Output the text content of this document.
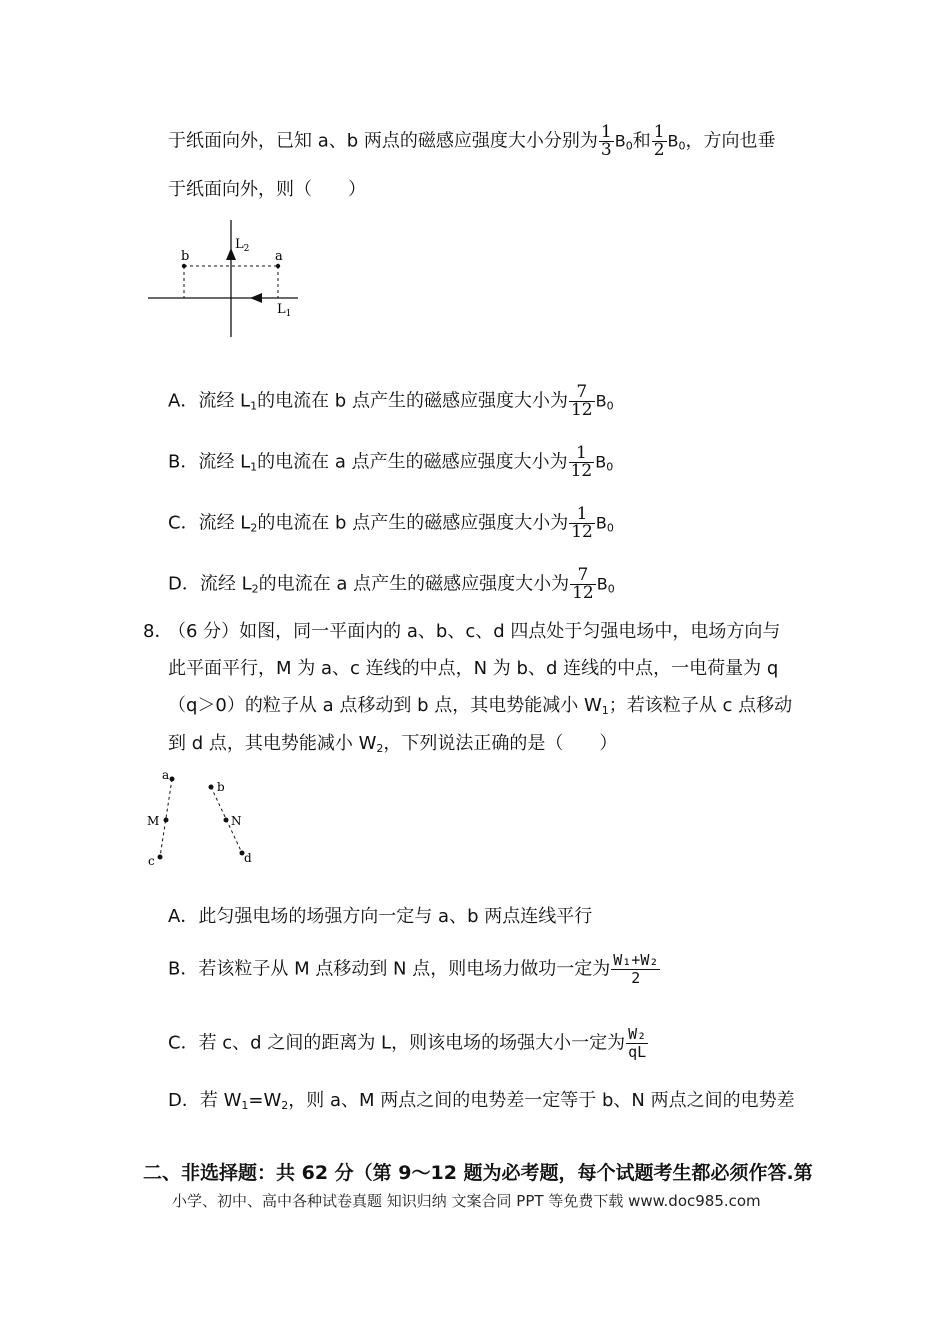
于纸面向外，已知 a、b 两点的磁感应强度大小分别为 $\frac{1}{3} B_0$和 $\frac{1}{2} B_0$，方向也垂
于纸面向外，则（　　）
b	a
$L_2$
$L_1$
A．流经 $L_1$的电流在 b 点产生的磁感应强度大小为 $\frac{7}{12} B_0$
B．流经 $L_1$的电流在 a 点产生的磁感应强度大小为 $\frac{1}{12} B_0$
C．流经 $L_2$的电流在 b 点产生的磁感应强度大小为 $\frac{1}{12} B_0$
D．流经 $L_2$的电流在 a 点产生的磁感应强度大小为 $\frac{7}{12} B_0$
8．
（6 分）如图，同一平面内的 a、b、c、d 四点处于匀强电场中，电场方向与
此平面平行，M 为 a、c 连线的中点，N 为 b、d 连线的中点，一电荷量为 q
（q＞0）的粒子从 a 点移动到 b 点，其电势能减小 $W_1$；若该粒子从 c 点移动
到 d 点，其电势能减小 $W_2$，下列说法正确的是（　　）
a
M
c
b
N
d
A．此匀强电场的场强方向一定与 a、b 两点连线平行
B．若该粒子从 M 点移动到 N 点，则电场力做功一定为 $\frac{\text{W₁+W₂}}{2}$
C．若 c、d 之间的距离为 L，则该电场的场强大小一定为 $\frac{\text{W₂}}{qL}$
D．若 $W_1=W_2$，则 a、M 两点之间的电势差一定等于 b、N 两点之间的电势差
二、非选择题：共 62 分（第 9～12 题为必考题，每个试题考生都必须作答.第
小学、初中、高中各种试卷真题 知识归纳 文案合同 PPT 等免费下载 www.doc985.com
